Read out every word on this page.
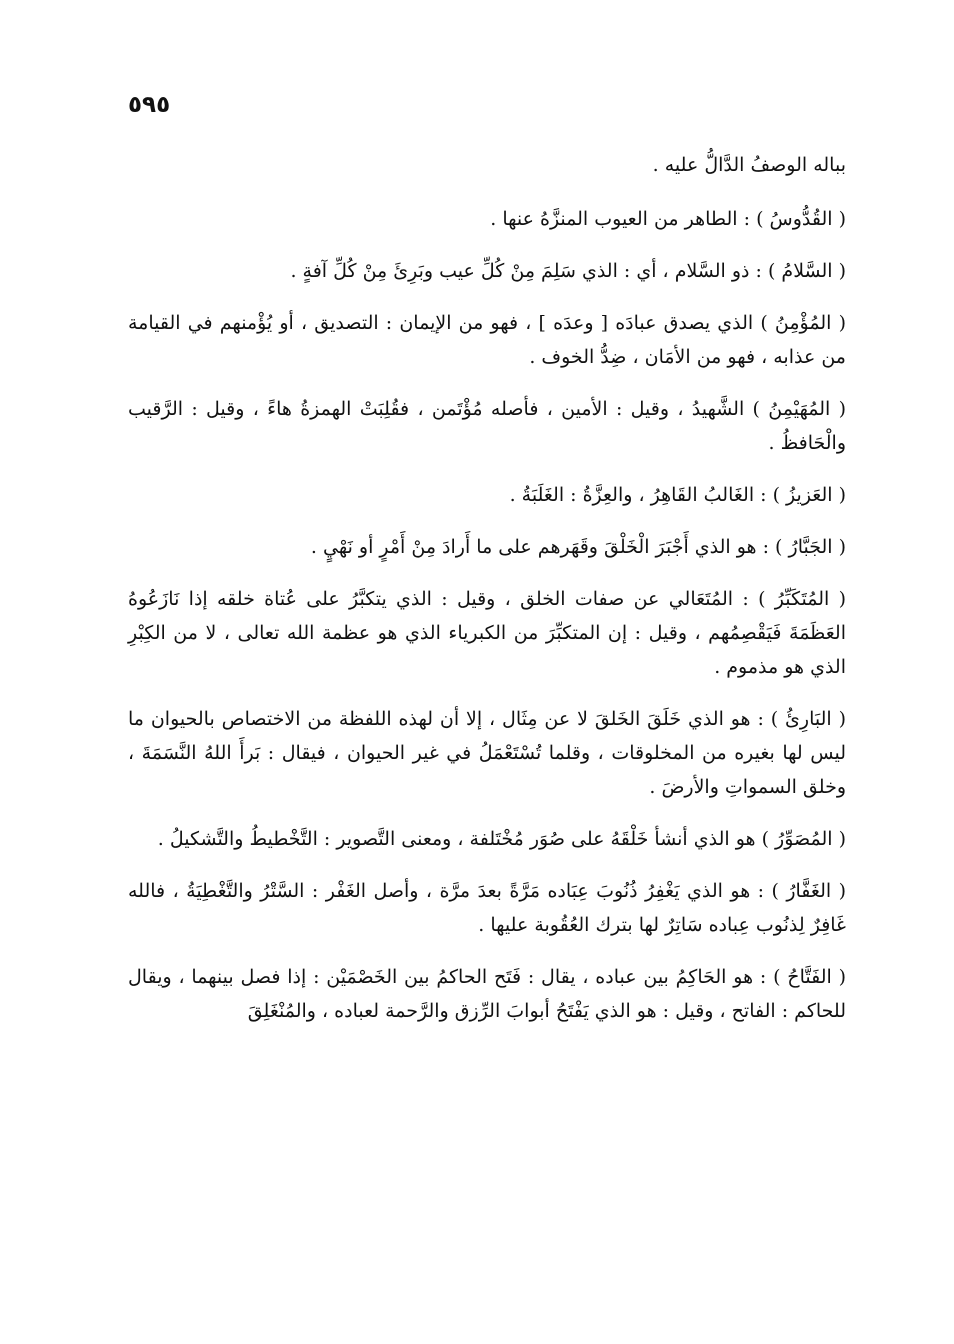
٥٩٥

بباله الوصفُ الدَّالُّ عليه .

( القُدُّوسُ ) : الطاهر من العيوب المنزَّهُ عنها .

( السَّلامُ ) : ذو السَّلام ، أي : الذي سَلِمَ مِنْ كُلِّ عيب وبَرِئَ مِنْ كُلِّ آفةٍ .

( المُؤْمِنُ ) الذي يصدق عبادَه [ وعدَه ] ، فهو من الإيمان : التصديق ، أو يُؤْمنهم في القيامة من عذابه ، فهو من الأمَان ، ضِدُّ الخوف .

( المُهَيْمِنُ ) الشَّهيدُ ، وقيل : الأمين ، فأصله مُؤْتَمن ، فقُلِبَتْ الهمزةُ هاءً ، وقيل : الرَّقيب والْحَافظُ .

( العَزيزُ ) : الغَالبُ القَاهِرُ ، والعِزَّةُ : الغَلَبَةُ .

( الجَبَّارُ ) : هو الذي أَجْبَرَ الْخَلْقَ وقَهَرهم على ما أَرادَ مِنْ أَمْرٍ أو نَهْيٍ .

( المُتَكَبِّرُ ) : المُتَعَالي عن صفات الخلق ، وقيل : الذي يتكبَّرُ على عُتاة خلقه إذا نَازَعُوهُ العَظَمَةَ فَيَقْصِمُهم ، وقيل : إن المتكبِّرَ من الكبرياء الذي هو عظمة الله تعالى ، لا من الكِبْرِ الذي هو مذموم .

( البَارِئُ ) : هو الذي خَلَقَ الخَلقَ لا عن مِثَال ، إلا أن لهذه اللفظة من الاختصاص بالحيوان ما ليس لها بغيره من المخلوقات ، وقلما تُسْتَعْمَلُ في غير الحيوان ، فيقال : بَرأَ اللهُ النَّسَمَةَ ، وخلق السمواتِ والأرضَ .

( المُصَوِّرُ ) هو الذي أنشأ خَلْقَهُ على صُوَر مُخْتَلفة ، ومعنى التَّصوير : التَّخْطيطُ والتَّشكيلُ .

( الغَفَّارُ ) : هو الذي يَغْفِرُ ذُنُوبَ عِبَاده مَرَّةً بعدَ مرَّة ، وأصل الغَفْر : السَّتْرُ والتَّغْطِيَةُ ، فالله غَافِرٌ لِذنُوب عِباده سَاتِرٌ لها بترك العُقُوبة عليها .

( الفَتَّاحُ ) : هو الحَاكِمُ بين عباده ، يقال : فَتَح الحاكمُ بين الخَصْمَيْن : إذا فصل بينهما ، ويقال للحاكم : الفاتح ، وقيل : هو الذي يَفْتَحُ أبوابَ الرِّزق والرَّحمة لعباده ، والمُنْغَلِقَ
